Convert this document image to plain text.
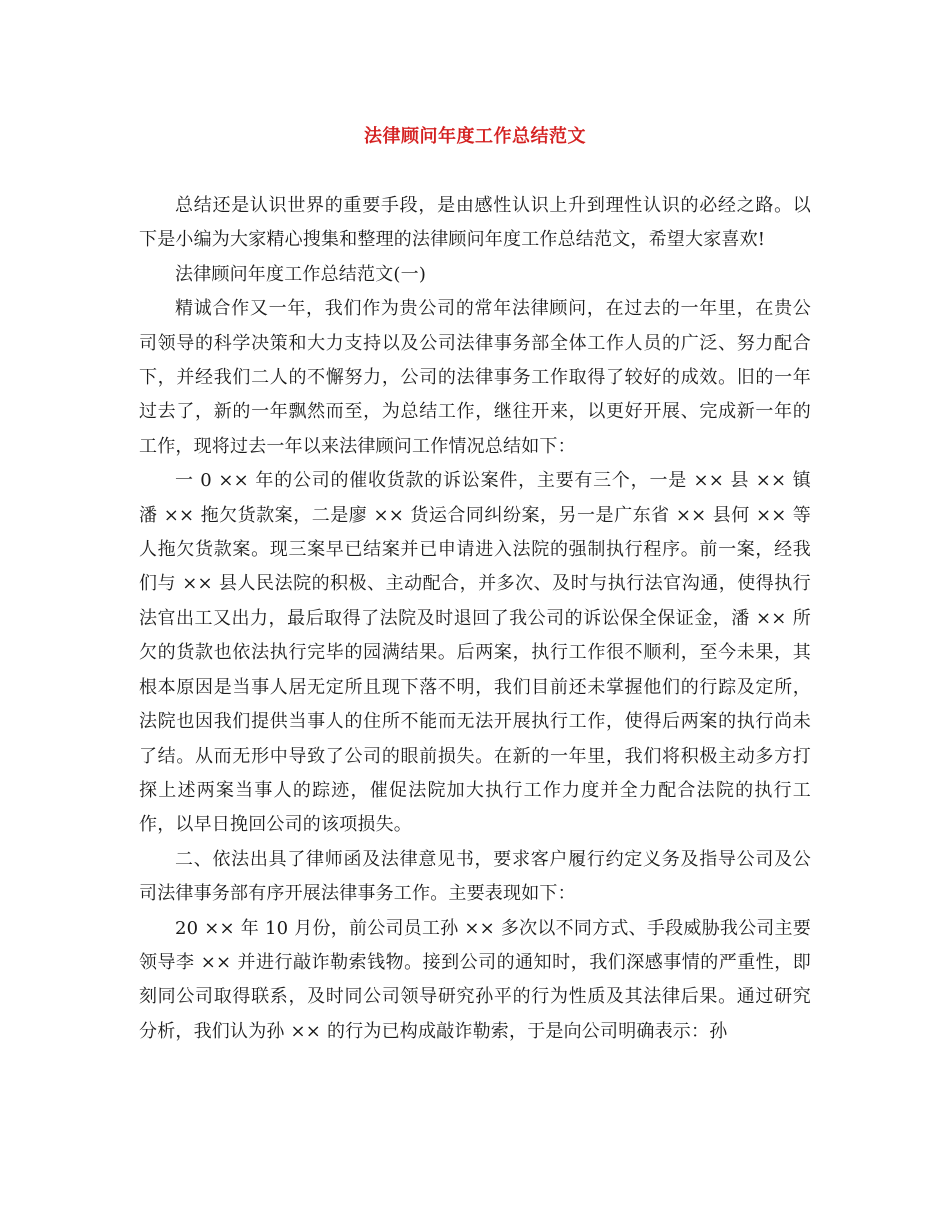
法律顾问年度工作总结范文

总结还是认识世界的重要手段，是由感性认识上升到理性认识的必经之路。以下是小编为大家精心搜集和整理的法律顾问年度工作总结范文，希望大家喜欢!

法律顾问年度工作总结范文(一)

精诚合作又一年，我们作为贵公司的常年法律顾问，在过去的一年里，在贵公司领导的科学决策和大力支持以及公司法律事务部全体工作人员的广泛、努力配合下，并经我们二人的不懈努力，公司的法律事务工作取得了较好的成效。旧的一年过去了，新的一年飘然而至，为总结工作，继往开来，以更好开展、完成新一年的工作，现将过去一年以来法律顾问工作情况总结如下：

一 0 ×× 年的公司的催收货款的诉讼案件，主要有三个，一是 ×× 县 ×× 镇潘 ×× 拖欠货款案，二是廖 ×× 货运合同纠纷案，另一是广东省 ×× 县何 ×× 等人拖欠货款案。现三案早已结案并已申请进入法院的强制执行程序。前一案，经我们与 ×× 县人民法院的积极、主动配合，并多次、及时与执行法官沟通，使得执行法官出工又出力，最后取得了法院及时退回了我公司的诉讼保全保证金，潘 ×× 所欠的货款也依法执行完毕的园满结果。后两案，执行工作很不顺利，至今未果，其根本原因是当事人居无定所且现下落不明，我们目前还未掌握他们的行踪及定所，法院也因我们提供当事人的住所不能而无法开展执行工作，使得后两案的执行尚未了结。从而无形中导致了公司的眼前损失。在新的一年里，我们将积极主动多方打探上述两案当事人的踪迹，催促法院加大执行工作力度并全力配合法院的执行工作，以早日挽回公司的该项损失。

二、依法出具了律师函及法律意见书，要求客户履行约定义务及指导公司及公司法律事务部有序开展法律事务工作。主要表现如下：

20 ×× 年 10 月份，前公司员工孙 ×× 多次以不同方式、手段威胁我公司主要领导李 ×× 并进行敲诈勒索钱物。接到公司的通知时，我们深感事情的严重性，即刻同公司取得联系，及时同公司领导研究孙平的行为性质及其法律后果。通过研究分析，我们认为孙 ×× 的行为已构成敲诈勒索，于是向公司明确表示：孙
